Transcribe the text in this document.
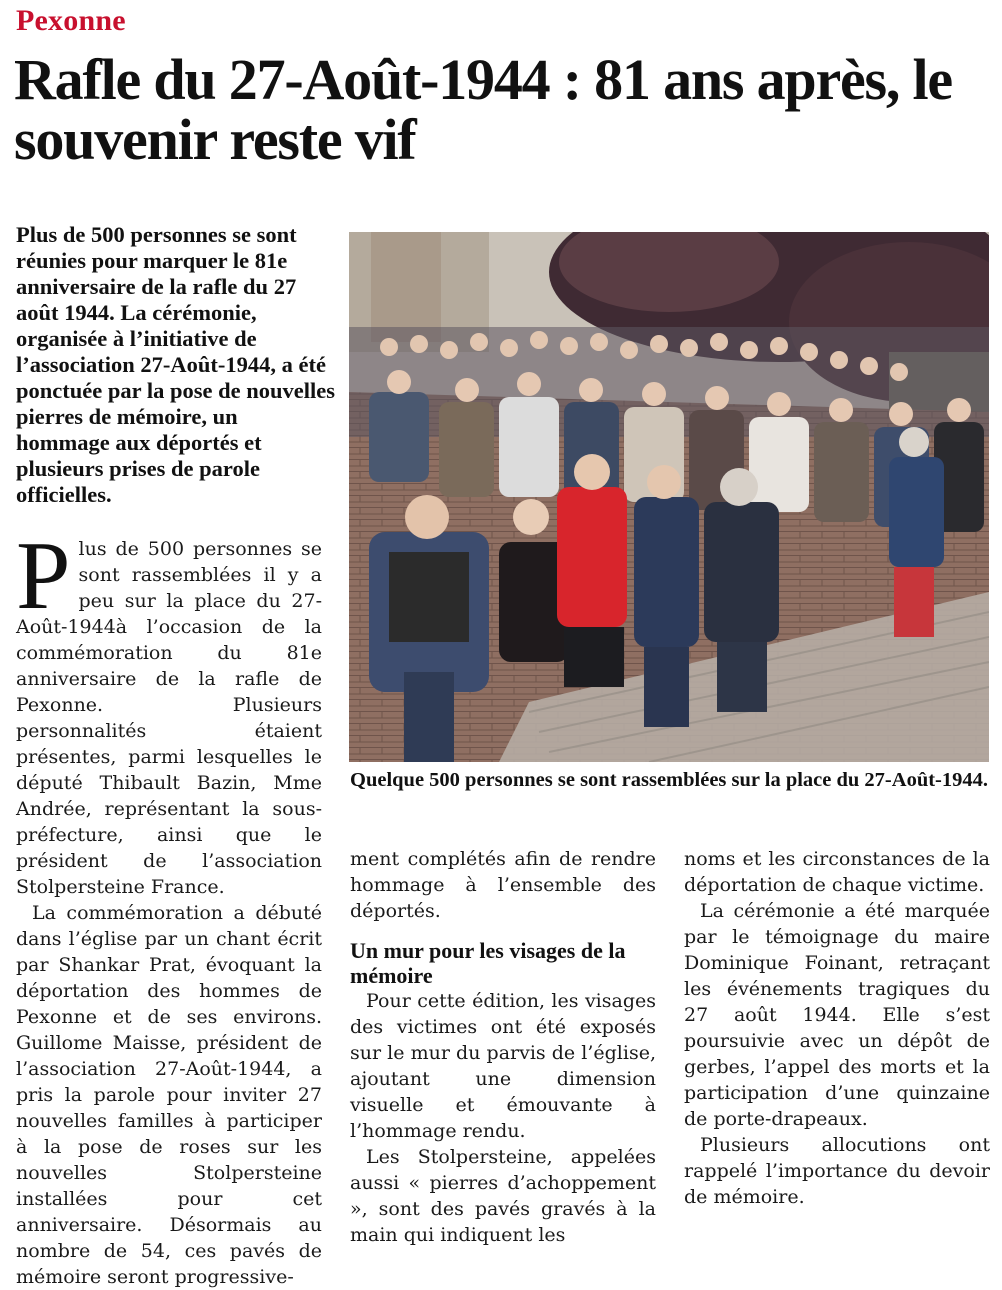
Pexonne
Rafle du 27-Août-1944 : 81 ans après, le souvenir reste vif

Plus de 500 personnes se sont réunies pour marquer le 81e anniversaire de la rafle du 27 août 1944. La cérémonie, organisée à l’initiative de l’association 27-Août-1944, a été ponctuée par la pose de nouvelles pierres de mémoire, un hommage aux déportés et plusieurs prises de parole officielles.

Quelque 500 personnes se sont rassemblées sur la place du 27-Août-1944.

Plus de 500 personnes se sont rassemblées il y a peu sur la place du 27-Août-1944à l’occasion de la commémoration du 81e anniversaire de la rafle de Pexonne. Plusieurs personnalités étaient présentes, parmi lesquelles le député Thibault Bazin, Mme Andrée, représentant la sous-préfecture, ainsi que le président de l’association Stolpersteine France.

La commémoration a débuté dans l’église par un chant écrit par Shankar Prat, évoquant la déportation des hommes de Pexonne et de ses environs. Guillome Maisse, président de l’association 27-Août-1944, a pris la parole pour inviter 27 nouvelles familles à participer à la pose de roses sur les nouvelles Stolpersteine installées pour cet anniversaire. Désormais au nombre de 54, ces pavés de mémoire seront progressive-

ment complétés afin de rendre hommage à l’ensemble des déportés.

Un mur pour les visages de la mémoire

Pour cette édition, les visages des victimes ont été exposés sur le mur du parvis de l’église, ajoutant une dimension visuelle et émouvante à l’hommage rendu.

Les Stolpersteine, appelées aussi « pierres d’achoppement », sont des pavés gravés à la main qui indiquent les

noms et les circonstances de la déportation de chaque victime.

La cérémonie a été marquée par le témoignage du maire Dominique Foinant, retraçant les événements tragiques du 27 août 1944. Elle s’est poursuivie avec un dépôt de gerbes, l’appel des morts et la participation d’une quinzaine de porte-drapeaux.

Plusieurs allocutions ont rappelé l’importance du devoir de mémoire.
